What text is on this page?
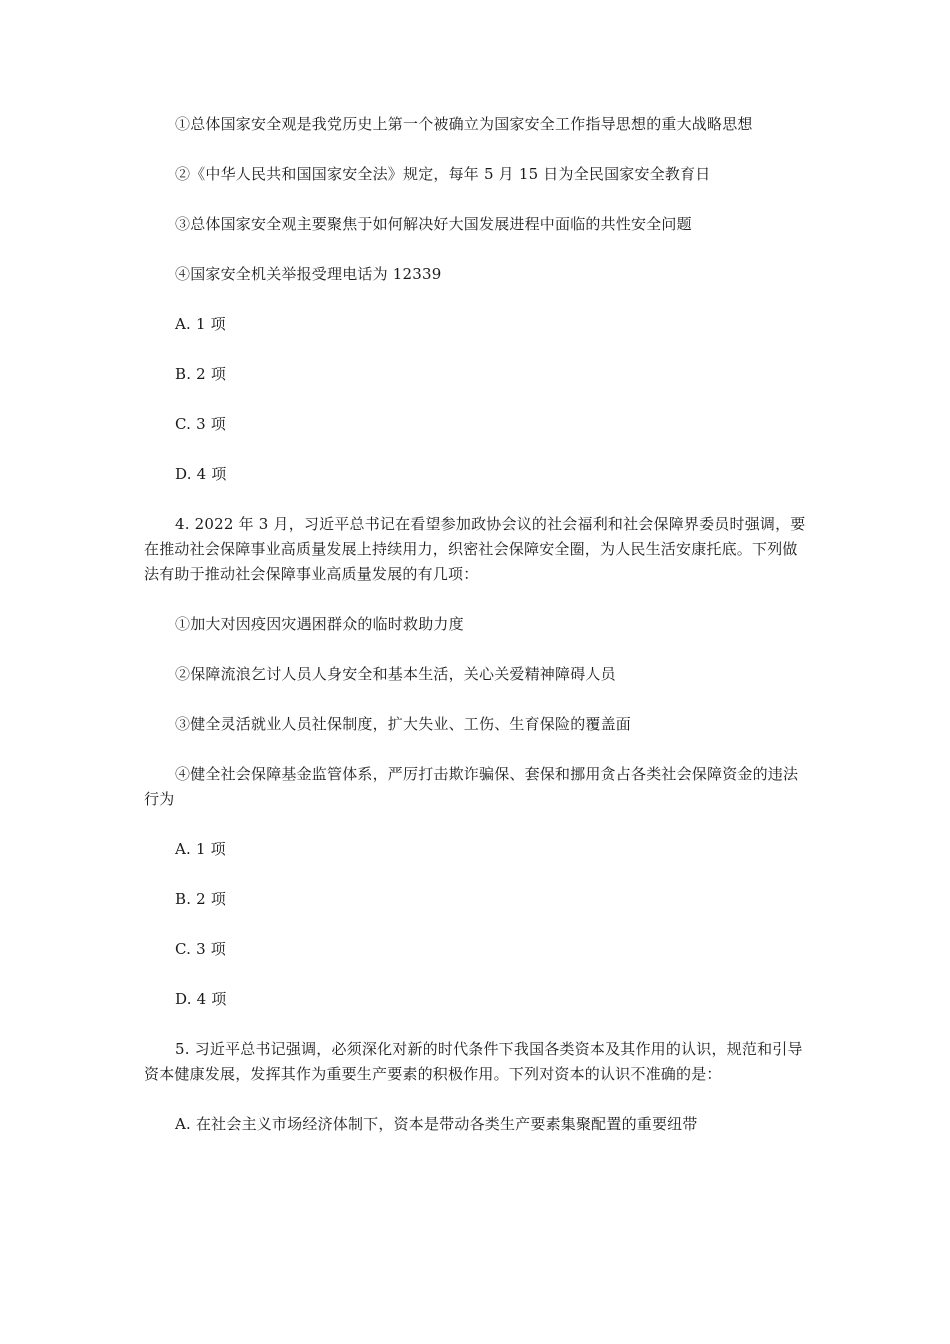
①总体国家安全观是我党历史上第一个被确立为国家安全工作指导思想的重大战略思想

②《中华人民共和国国家安全法》规定，每年 5 月 15 日为全民国家安全教育日

③总体国家安全观主要聚焦于如何解决好大国发展进程中面临的共性安全问题

④国家安全机关举报受理电话为 12339

A. 1 项

B. 2 项

C. 3 项

D. 4 项

4. 2022 年 3 月，习近平总书记在看望参加政协会议的社会福利和社会保障界委员时强调，要在推动社会保障事业高质量发展上持续用力，织密社会保障安全圈，为人民生活安康托底。下列做法有助于推动社会保障事业高质量发展的有几项：

①加大对因疫因灾遇困群众的临时救助力度

②保障流浪乞讨人员人身安全和基本生活，关心关爱精神障碍人员

③健全灵活就业人员社保制度，扩大失业、工伤、生育保险的覆盖面

④健全社会保障基金监管体系，严厉打击欺诈骗保、套保和挪用贪占各类社会保障资金的违法行为

A. 1 项

B. 2 项

C. 3 项

D. 4 项

5. 习近平总书记强调，必须深化对新的时代条件下我国各类资本及其作用的认识，规范和引导资本健康发展，发挥其作为重要生产要素的积极作用。下列对资本的认识不准确的是：

A. 在社会主义市场经济体制下，资本是带动各类生产要素集聚配置的重要纽带
